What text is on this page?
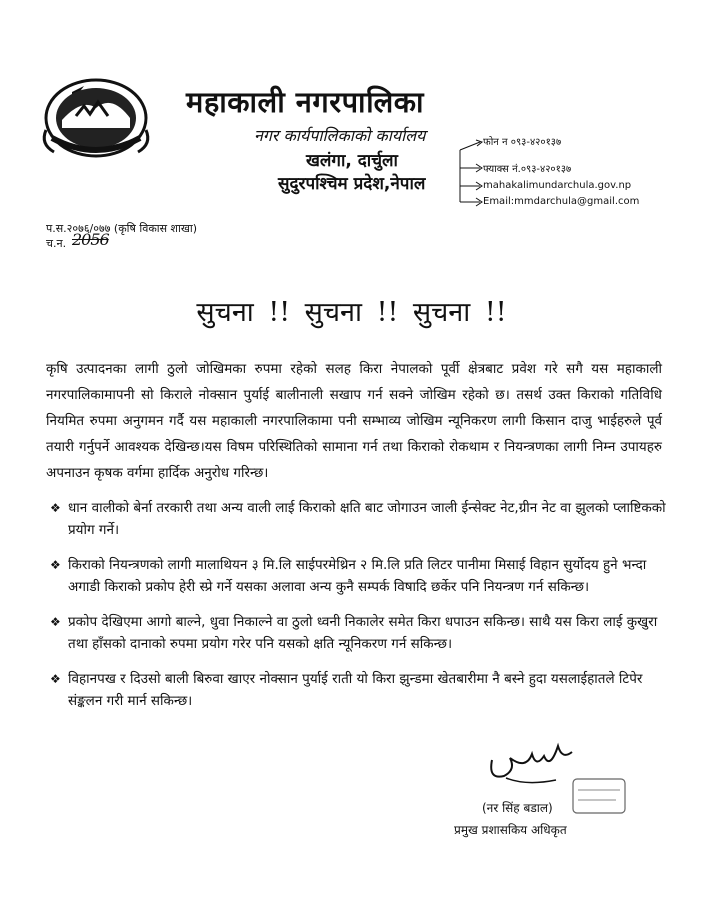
महाकाली नगरपालिका
नगर कार्यपालिकाको कार्यालय
खलंगा, दार्चुला
सुदुरपश्चिम प्रदेश,नेपाल
फोन न ०९३-४२०१३७
फ्याक्स नं.०९३-४२०१३७
mahakalimundarchula.gov.np
Email:mmdarchula@gmail.com
प.स.२०७६/०७७ (कृषि विकास शाखा)
च.न. 2056
सुचना !! सुचना !! सुचना !!
कृषि उत्पादनका लागी ठुलो जोखिमका रुपमा रहेको सलह किरा नेपालको पूर्वी क्षेत्रबाट प्रवेश गरे सगै यस महाकाली नगरपालिकामापनी सो किराले नोक्सान पुर्याई बालीनाली सखाप गर्न सक्ने जोखिम रहेको छ। तसर्थ उक्त किराको गतिविधि नियमित रुपमा अनुगमन गर्दै यस महाकाली नगरपालिकामा पनी सम्भाव्य जोखिम न्यूनिकरण लागी किसान दाजु भाईहरुले पूर्व तयारी गर्नुपर्ने आवश्यक देखिन्छ।यस विषम परिस्थितिको सामाना गर्न तथा किराको रोकथाम र नियन्त्रणका लागी निम्न उपायहरु अपनाउन कृषक वर्गमा हार्दिक अनुरोध गरिन्छ।
❖ धान वालीको बेर्ना तरकारी तथा अन्य वाली लाई किराको क्षति बाट जोगाउन जाली ईन्सेक्ट नेट,ग्रीन नेट वा झुलको प्लाष्टिकको प्रयोग गर्ने।
❖ किराको नियन्त्रणको लागी मालाथियन ३ मि.लि साईपरमेथ्रिन २ मि.लि प्रति लिटर पानीमा मिसाई विहान सुर्योदय हुने भन्दा अगाडी किराको प्रकोप हेरी स्प्रे गर्ने यसका अलावा अन्य कुनै सम्पर्क विषादि छर्केर पनि नियन्त्रण गर्न सकिन्छ।
❖ प्रकोप देखिएमा आगो बाल्ने, धुवा निकाल्ने वा ठुलो ध्वनी निकालेर समेत किरा धपाउन सकिन्छ। साथै यस किरा लाई कुखुरा तथा हाँसको दानाको रुपमा प्रयोग गरेर पनि यसको क्षति न्यूनिकरण गर्न सकिन्छ।
❖ विहानपख र दिउसो बाली बिरुवा खाएर नोक्सान पुर्याई राती यो किरा झुन्डमा खेतबारीमा नै बस्ने हुदा यसलाईहातले टिपेर संङ्कलन गरी मार्न सकिन्छ।
(नर सिंह बडाल)
प्रमुख प्रशासकिय अधिकृत
